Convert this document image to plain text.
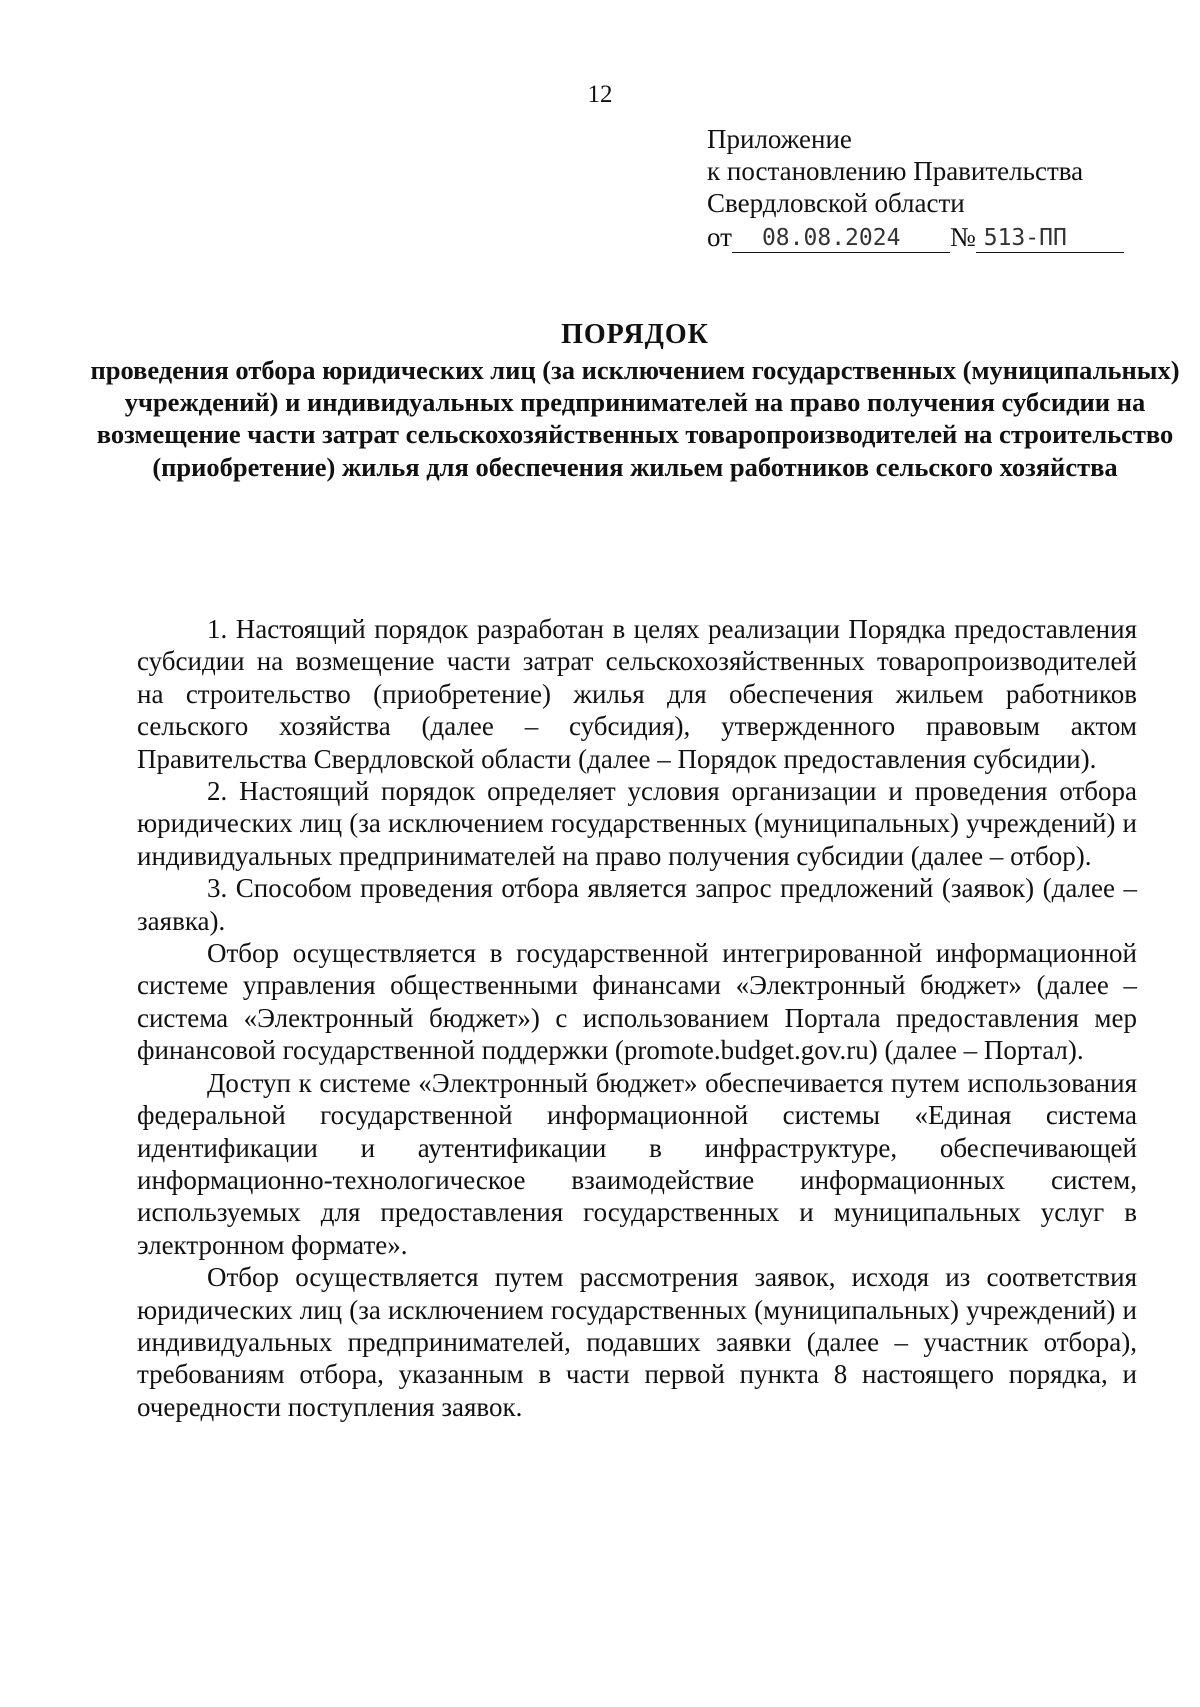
12
Приложение
к постановлению Правительства
Свердловской области
от	08.08.2024	№ 513-ПП
ПОРЯДОК
проведения отбора юридических лиц (за исключением государственных (муниципальных) учреждений) и индивидуальных предпринимателей на право получения субсидии на возмещение части затрат сельскохозяйственных товаропроизводителей на строительство (приобретение) жилья для обеспечения жильем работников сельского хозяйства

1. Настоящий порядок разработан в целях реализации Порядка предоставления субсидии на возмещение части затрат сельскохозяйственных товаропроизводителей на строительство (приобретение) жилья для обеспечения жильем работников сельского хозяйства (далее – субсидия), утвержденного правовым актом Правительства Свердловской области (далее – Порядок предоставления субсидии).

2. Настоящий порядок определяет условия организации и проведения отбора юридических лиц (за исключением государственных (муниципальных) учреждений) и индивидуальных предпринимателей на право получения субсидии (далее – отбор).

3. Способом проведения отбора является запрос предложений (заявок) (далее – заявка).

Отбор осуществляется в государственной интегрированной информационной системе управления общественными финансами «Электронный бюджет» (далее – система «Электронный бюджет») с использованием Портала предоставления мер финансовой государственной поддержки (promote.budget.gov.ru) (далее – Портал).

Доступ к системе «Электронный бюджет» обеспечивается путем использования федеральной государственной информационной системы «Единая система идентификации и аутентификации в инфраструктуре, обеспечивающей информационно-технологическое взаимодействие информационных систем, используемых для предоставления государственных и муниципальных услуг в электронном формате».

Отбор осуществляется путем рассмотрения заявок, исходя из соответствия юридических лиц (за исключением государственных (муниципальных) учреждений) и индивидуальных предпринимателей, подавших заявки (далее – участник отбора), требованиям отбора, указанным в части первой пункта 8 настоящего порядка, и очередности поступления заявок.
